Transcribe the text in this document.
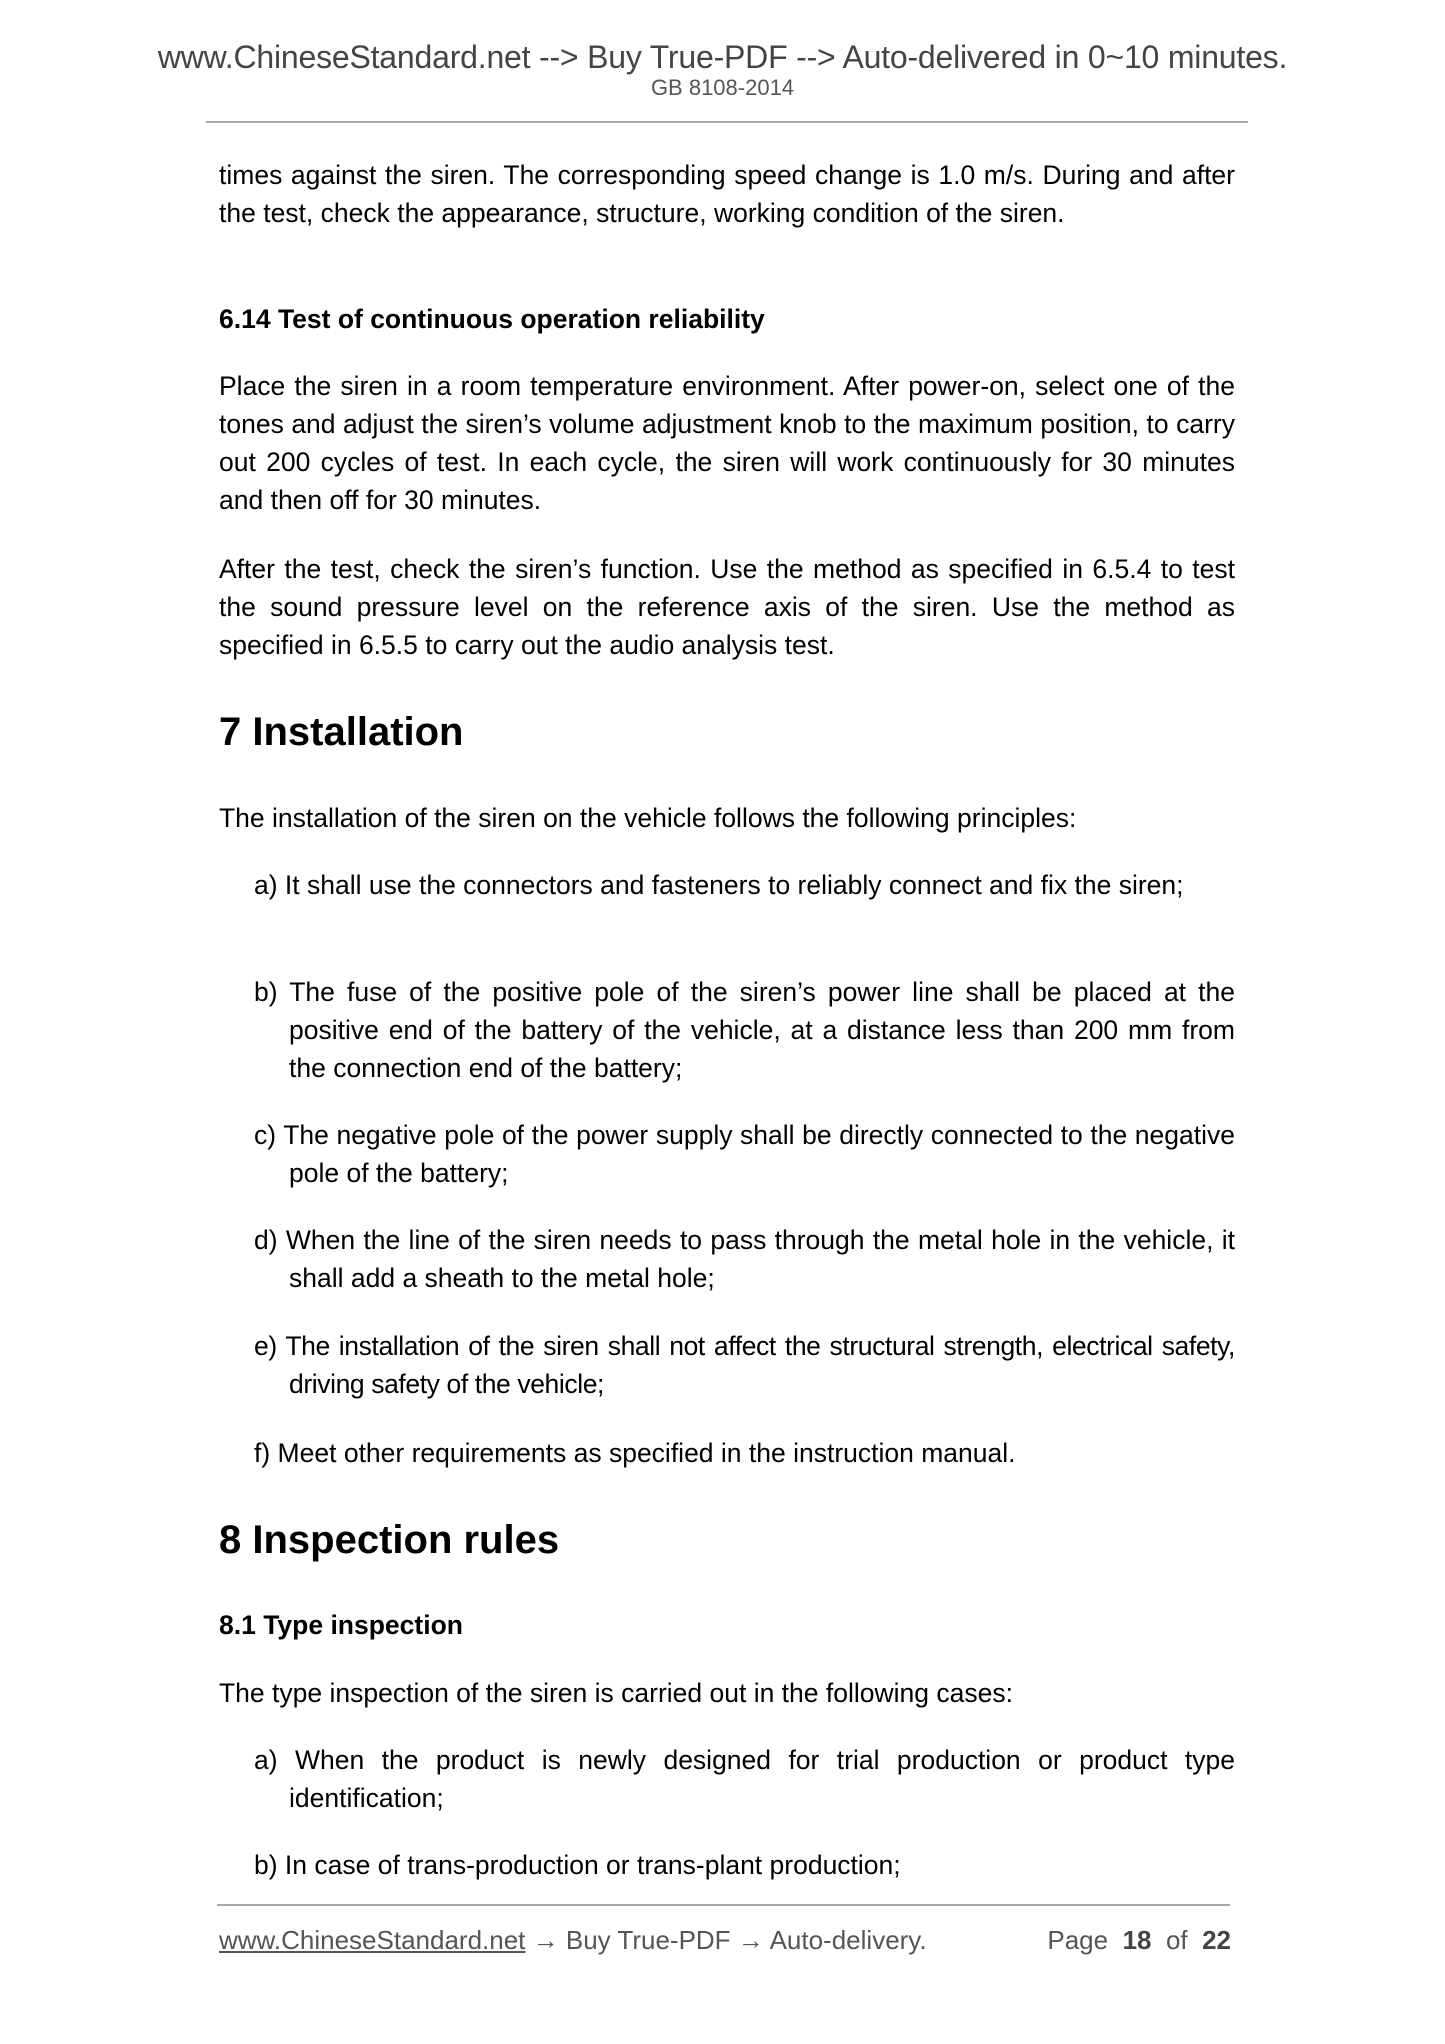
www.ChineseStandard.net --> Buy True-PDF --> Auto-delivered in 0~10 minutes.
GB 8108-2014
times against the siren. The corresponding speed change is 1.0 m/s. During and after the test, check the appearance, structure, working condition of the siren.
6.14 Test of continuous operation reliability
Place the siren in a room temperature environment. After power-on, select one of the tones and adjust the siren’s volume adjustment knob to the maximum position, to carry out 200 cycles of test. In each cycle, the siren will work continuously for 30 minutes and then off for 30 minutes.
After the test, check the siren’s function. Use the method as specified in 6.5.4 to test the sound pressure level on the reference axis of the siren. Use the method as specified in 6.5.5 to carry out the audio analysis test.
7 Installation
The installation of the siren on the vehicle follows the following principles:
a) It shall use the connectors and fasteners to reliably connect and fix the siren;
b) The fuse of the positive pole of the siren’s power line shall be placed at the positive end of the battery of the vehicle, at a distance less than 200 mm from the connection end of the battery;
c) The negative pole of the power supply shall be directly connected to the negative pole of the battery;
d) When the line of the siren needs to pass through the metal hole in the vehicle, it shall add a sheath to the metal hole;
e) The installation of the siren shall not affect the structural strength, electrical safety, driving safety of the vehicle;
f) Meet other requirements as specified in the instruction manual.
8 Inspection rules
8.1 Type inspection
The type inspection of the siren is carried out in the following cases:
a) When the product is newly designed for trial production or product type identification;
b) In case of trans-production or trans-plant production;
www.ChineseStandard.net → Buy True-PDF → Auto-delivery.	Page 18 of 22
